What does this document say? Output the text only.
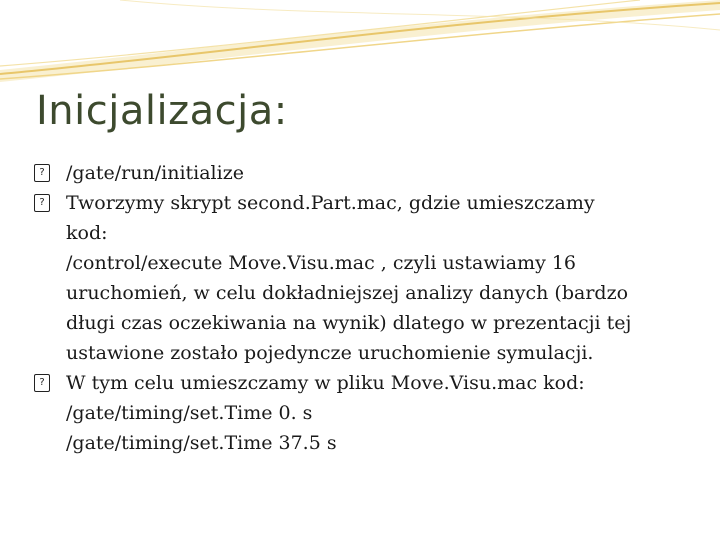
Inicjalizacja:
? /gate/run/initialize
? Tworzymy skrypt second.Part.mac, gdzie umieszczamy
kod:
/control/execute Move.Visu.mac , czyli ustawiamy 16
uruchomień, w celu dokładniejszej analizy danych (bardzo
długi czas oczekiwania na wynik) dlatego w prezentacji tej
ustawione zostało pojedyncze uruchomienie symulacji.
? W tym celu umieszczamy w pliku Move.Visu.mac kod:
/gate/timing/set.Time 0. s
/gate/timing/set.Time 37.5 s
